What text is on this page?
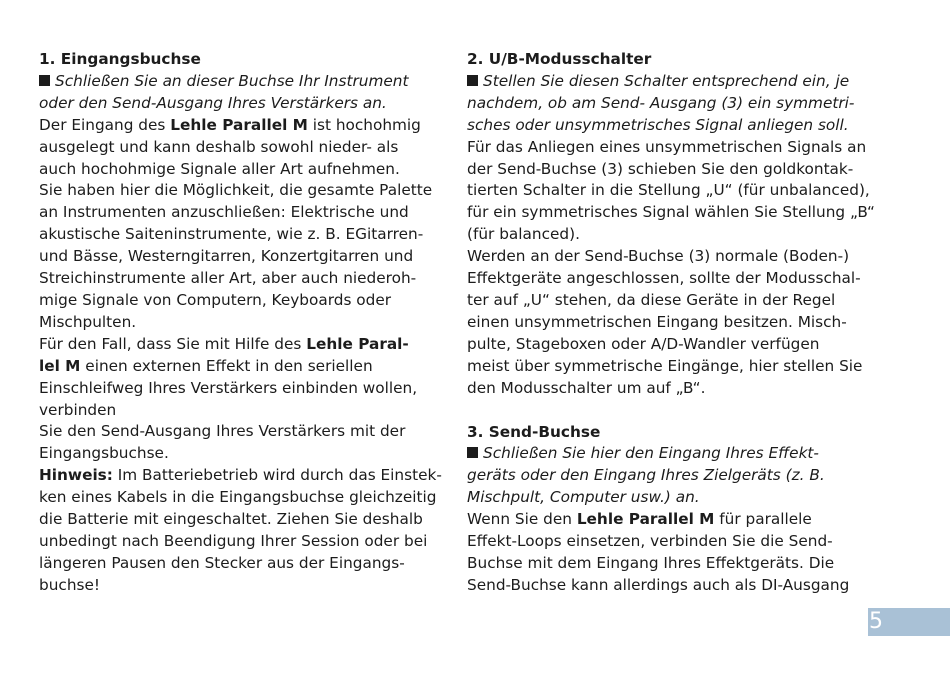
1. Eingangsbuchse
Schließen Sie an dieser Buchse Ihr Instrument
oder den Send-Ausgang Ihres Verstärkers an.
Der Eingang des Lehle Parallel M ist hochohmig
ausgelegt und kann deshalb sowohl nieder- als
auch hochohmige Signale aller Art aufnehmen.
Sie haben hier die Möglichkeit, die gesamte Palette
an Instrumenten anzuschließen: Elektrische und
akustische Saiteninstrumente, wie z. B. EGitarren-
und Bässe, Westerngitarren, Konzertgitarren und
Streichinstrumente aller Art, aber auch niederoh-
mige Signale von Computern, Keyboards oder
Mischpulten.
Für den Fall, dass Sie mit Hilfe des Lehle Paral-
lel M einen externen Effekt in den seriellen
Einschleifweg Ihres Verstärkers einbinden wollen,
verbinden
Sie den Send-Ausgang Ihres Verstärkers mit der
Eingangsbuchse.
Hinweis: Im Batteriebetrieb wird durch das Einstek-
ken eines Kabels in die Eingangsbuchse gleichzeitig
die Batterie mit eingeschaltet. Ziehen Sie deshalb
unbedingt nach Beendigung Ihrer Session oder bei
längeren Pausen den Stecker aus der Eingangs-
buchse!
2. U/B-Modusschalter
Stellen Sie diesen Schalter entsprechend ein, je
nachdem, ob am Send- Ausgang (3) ein symmetri-
sches oder unsymmetrisches Signal anliegen soll.
Für das Anliegen eines unsymmetrischen Signals an
der Send-Buchse (3) schieben Sie den goldkontak-
tierten Schalter in die Stellung „U“ (für unbalanced),
für ein symmetrisches Signal wählen Sie Stellung „B“
(für balanced).
Werden an der Send-Buchse (3) normale (Boden-)
Effektgeräte angeschlossen, sollte der Modusschal-
ter auf „U“ stehen, da diese Geräte in der Regel
einen unsymmetrischen Eingang besitzen. Misch-
pulte, Stageboxen oder A/D-Wandler verfügen
meist über symmetrische Eingänge, hier stellen Sie
den Modusschalter um auf „B“.
3. Send-Buchse
Schließen Sie hier den Eingang Ihres Effekt-
geräts oder den Eingang Ihres Zielgeräts (z. B.
Mischpult, Computer usw.) an.
Wenn Sie den Lehle Parallel M für parallele
Effekt-Loops einsetzen, verbinden Sie die Send-
Buchse mit dem Eingang Ihres Effektgeräts. Die
Send-Buchse kann allerdings auch als DI-Ausgang
5
